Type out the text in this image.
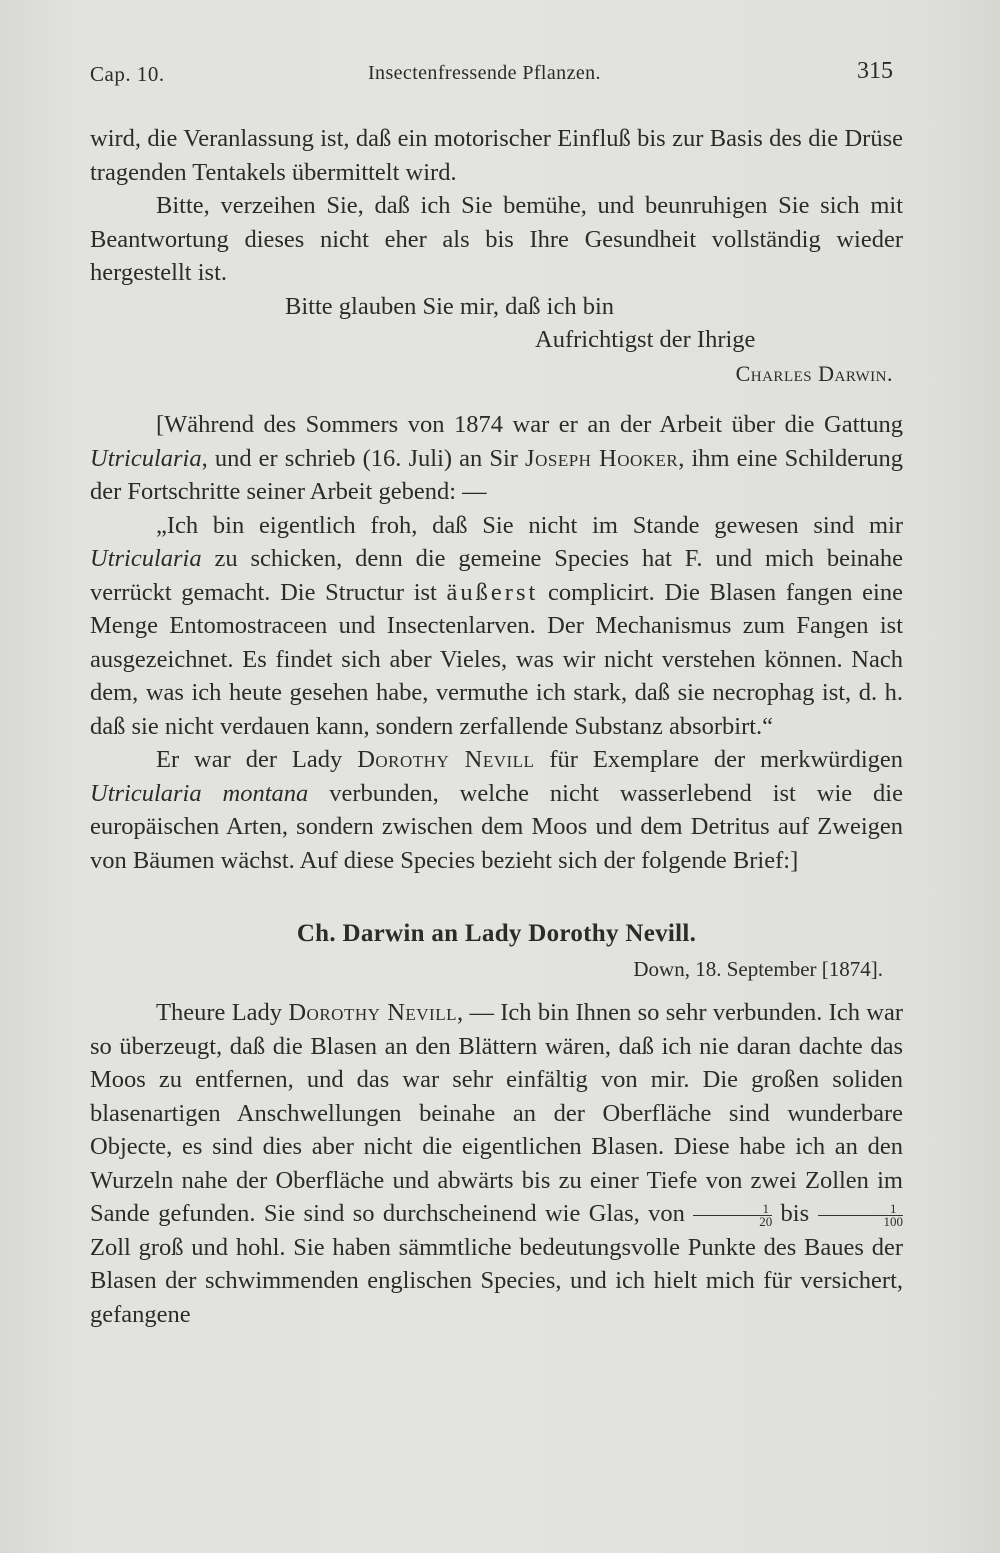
Cap. 10.	Insectenfressende Pflanzen.	315

wird, die Veranlassung ist, daß ein motorischer Einfluß bis zur Basis des die Drüse tragenden Tentakels übermittelt wird.

Bitte, verzeihen Sie, daß ich Sie bemühe, und beunruhigen Sie sich mit Beantwortung dieses nicht eher als bis Ihre Gesundheit vollständig wieder hergestellt ist.

Bitte glauben Sie mir, daß ich bin

Aufrichtigst der Ihrige

Charles Darwin.

[Während des Sommers von 1874 war er an der Arbeit über die Gattung Utricularia, und er schrieb (16. Juli) an Sir Joseph Hooker, ihm eine Schilderung der Fortschritte seiner Arbeit gebend: —

„Ich bin eigentlich froh, daß Sie nicht im Stande gewesen sind mir Utricularia zu schicken, denn die gemeine Species hat F. und mich beinahe verrückt gemacht. Die Structur ist äußerst complicirt. Die Blasen fangen eine Menge Entomostraceen und Insectenlarven. Der Mechanismus zum Fangen ist ausgezeichnet. Es findet sich aber Vieles, was wir nicht verstehen können. Nach dem, was ich heute gesehen habe, vermuthe ich stark, daß sie necrophag ist, d. h. daß sie nicht verdauen kann, sondern zerfallende Substanz absorbirt.“

Er war der Lady Dorothy Nevill für Exemplare der merkwürdigen Utricularia montana verbunden, welche nicht wasserlebend ist wie die europäischen Arten, sondern zwischen dem Moos und dem Detritus auf Zweigen von Bäumen wächst. Auf diese Species bezieht sich der folgende Brief:]

Ch. Darwin an Lady Dorothy Nevill.
Down, 18. September [1874].

Theure Lady Dorothy Nevill, — Ich bin Ihnen so sehr verbunden. Ich war so überzeugt, daß die Blasen an den Blättern wären, daß ich nie daran dachte das Moos zu entfernen, und das war sehr einfältig von mir. Die großen soliden blasenartigen Anschwellungen beinahe an der Oberfläche sind wunderbare Objecte, es sind dies aber nicht die eigentlichen Blasen. Diese habe ich an den Wurzeln nahe der Oberfläche und abwärts bis zu einer Tiefe von zwei Zollen im Sande gefunden. Sie sind so durchscheinend wie Glas, von $\frac{1}{20}$ bis $\frac{1}{100}$
Zoll groß und hohl. Sie haben sämmtliche bedeutungsvolle Punkte des Baues der Blasen der schwimmenden englischen Species, und ich hielt mich für versichert, gefangene
